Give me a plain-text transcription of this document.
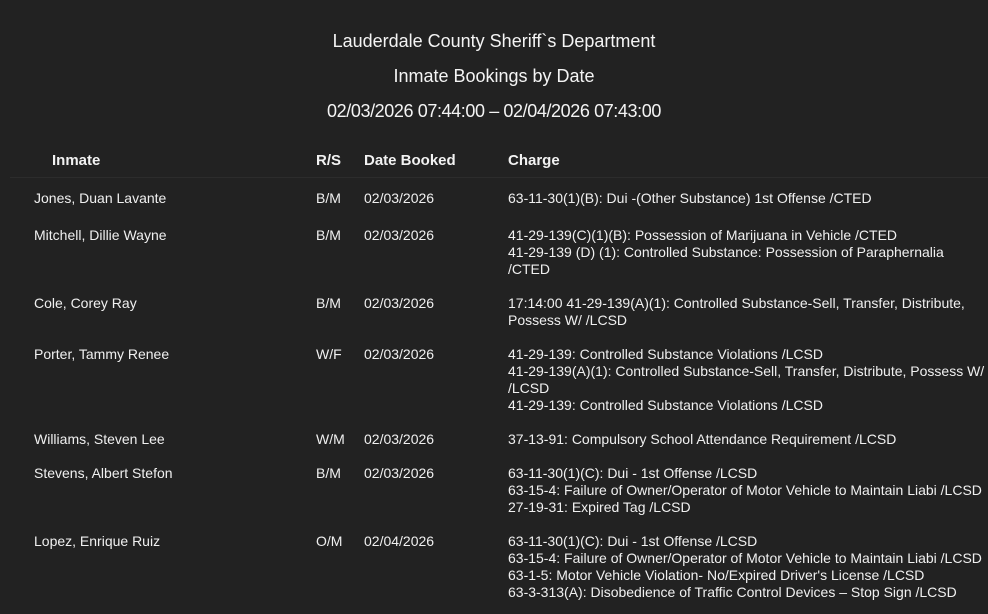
Lauderdale County Sheriff`s Department
Inmate Bookings by Date
02/03/2026 07:44:00 – 02/04/2026 07:43:00
Inmate	R/S	Date Booked	Charge
Jones, Duan Lavante	B/M	02/03/2026	63-11-30(1)(B): Dui -(Other Substance) 1st Offense /CTED

Mitchell, Dillie Wayne	B/M	02/03/2026	41-29-139(C)(1)(B): Possession of Marijuana in Vehicle /CTED
41-29-139 (D) (1): Controlled Substance: Possession of Paraphernalia /CTED

Cole, Corey Ray	B/M	02/03/2026	17:14:00 41-29-139(A)(1): Controlled Substance-Sell, Transfer, Distribute, Possess W/ /LCSD

Porter, Tammy Renee	W/F	02/03/2026	41-29-139: Controlled Substance Violations /LCSD
41-29-139(A)(1): Controlled Substance-Sell, Transfer, Distribute, Possess W/ /LCSD
41-29-139: Controlled Substance Violations /LCSD

Williams, Steven Lee	W/M	02/03/2026	37-13-91: Compulsory School Attendance Requirement /LCSD

Stevens, Albert Stefon	B/M	02/03/2026	63-11-30(1)(C): Dui - 1st Offense /LCSD
63-15-4: Failure of Owner/Operator of Motor Vehicle to Maintain Liabi /LCSD
27-19-31: Expired Tag /LCSD

Lopez, Enrique Ruiz	O/M	02/04/2026	63-11-30(1)(C): Dui - 1st Offense /LCSD
63-15-4: Failure of Owner/Operator of Motor Vehicle to Maintain Liabi /LCSD
63-1-5: Motor Vehicle Violation- No/Expired Driver's License /LCSD
63-3-313(A): Disobedience of Traffic Control Devices – Stop Sign /LCSD
